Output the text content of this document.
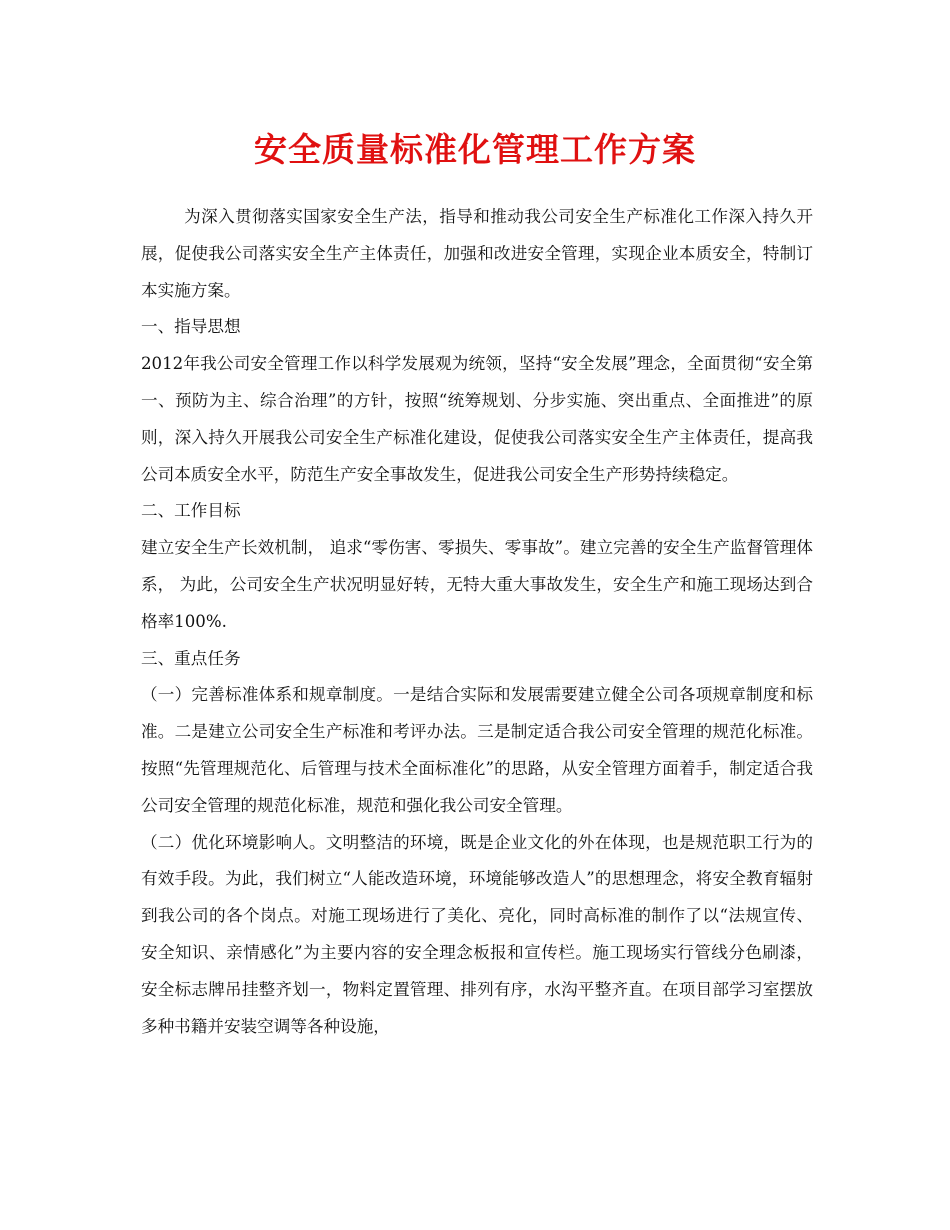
安全质量标准化管理工作方案

为深入贯彻落实国家安全生产法，指导和推动我公司安全生产标准化工作深入持久开展，促使我公司落实安全生产主体责任，加强和改进安全管理，实现企业本质安全，特制订本实施方案。

一、指导思想

2012年我公司安全管理工作以科学发展观为统领，坚持“安全发展”理念，全面贯彻“安全第一、预防为主、综合治理”的方针，按照“统筹规划、分步实施、突出重点、全面推进”的原则，深入持久开展我公司安全生产标准化建设，促使我公司落实安全生产主体责任，提高我公司本质安全水平，防范生产安全事故发生，促进我公司安全生产形势持续稳定。

二、工作目标

建立安全生产长效机制， 追求“零伤害、零损失、零事故”。建立完善的安全生产监督管理体系， 为此，公司安全生产状况明显好转，无特大重大事故发生，安全生产和施工现场达到合格率100%.

三、重点任务

（一）完善标准体系和规章制度。一是结合实际和发展需要建立健全公司各项规章制度和标准。二是建立公司安全生产标准和考评办法。三是制定适合我公司安全管理的规范化标准。按照“先管理规范化、后管理与技术全面标准化”的思路，从安全管理方面着手，制定适合我公司安全管理的规范化标准，规范和强化我公司安全管理。

（二）优化环境影响人。文明整洁的环境，既是企业文化的外在体现，也是规范职工行为的有效手段。为此，我们树立“人能改造环境，环境能够改造人”的思想理念，将安全教育辐射到我公司的各个岗点。对施工现场进行了美化、亮化，同时高标准的制作了以“法规宣传、安全知识、亲情感化”为主要内容的安全理念板报和宣传栏。施工现场实行管线分色刷漆，安全标志牌吊挂整齐划一，物料定置管理、排列有序，水沟平整齐直。在项目部学习室摆放多种书籍并安装空调等各种设施，
